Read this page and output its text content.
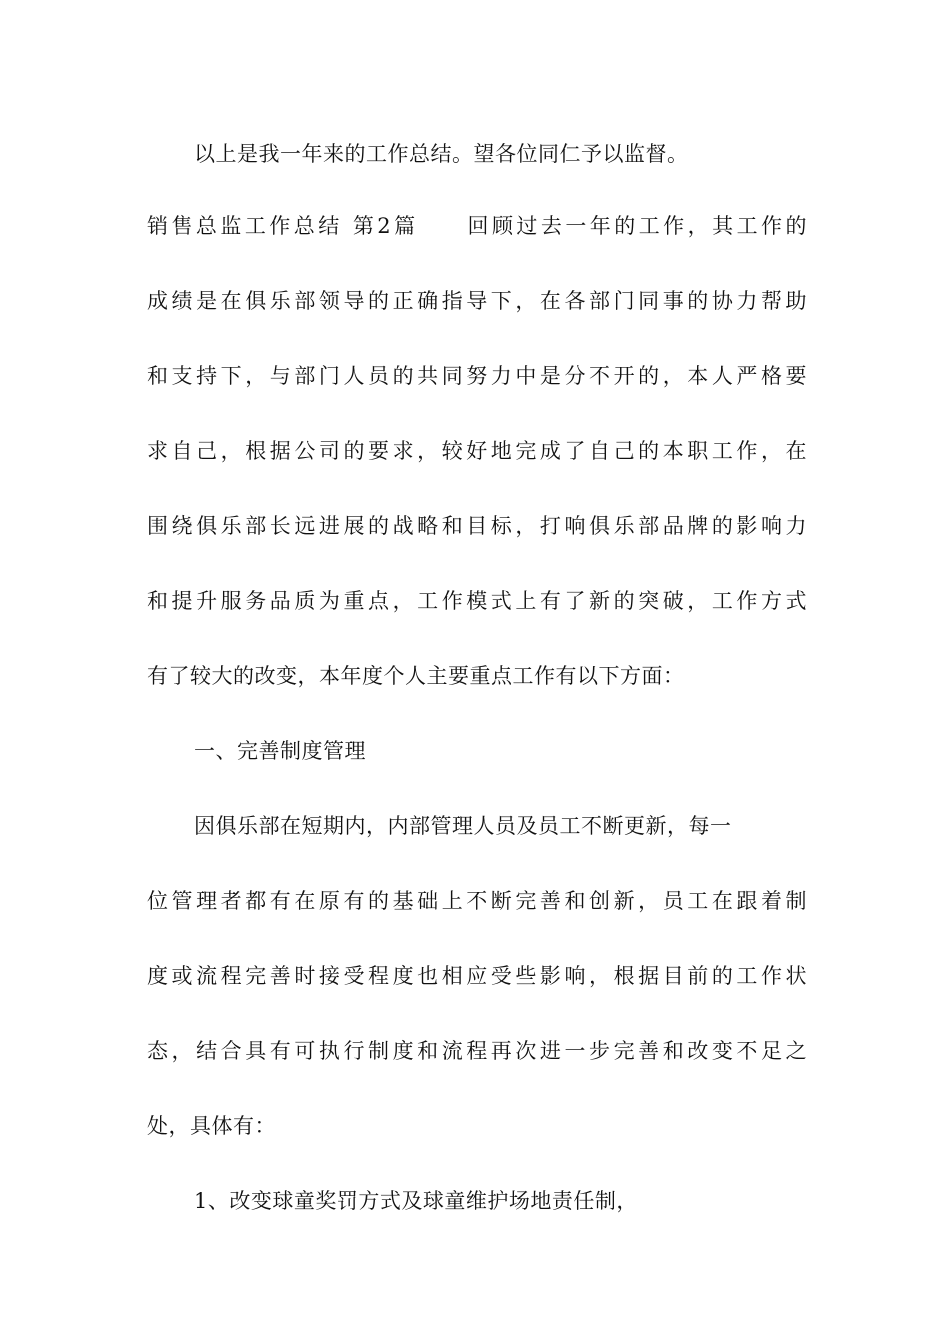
以上是我一年来的工作总结。望各位同仁予以监督。
销售总监工作总结 第2篇　　回顾过去一年的工作，其工作的
成绩是在俱乐部领导的正确指导下，在各部门同事的协力帮助
和支持下，与部门人员的共同努力中是分不开的，本人严格要
求自己，根据公司的要求，较好地完成了自己的本职工作，在
围绕俱乐部长远进展的战略和目标，打响俱乐部品牌的影响力
和提升服务品质为重点，工作模式上有了新的突破，工作方式
有了较大的改变，本年度个人主要重点工作有以下方面：
一、完善制度管理
因俱乐部在短期内，内部管理人员及员工不断更新，每一
位管理者都有在原有的基础上不断完善和创新，员工在跟着制
度或流程完善时接受程度也相应受些影响，根据目前的工作状
态，结合具有可执行制度和流程再次进一步完善和改变不足之
处，具体有：
1、改变球童奖罚方式及球童维护场地责任制，
